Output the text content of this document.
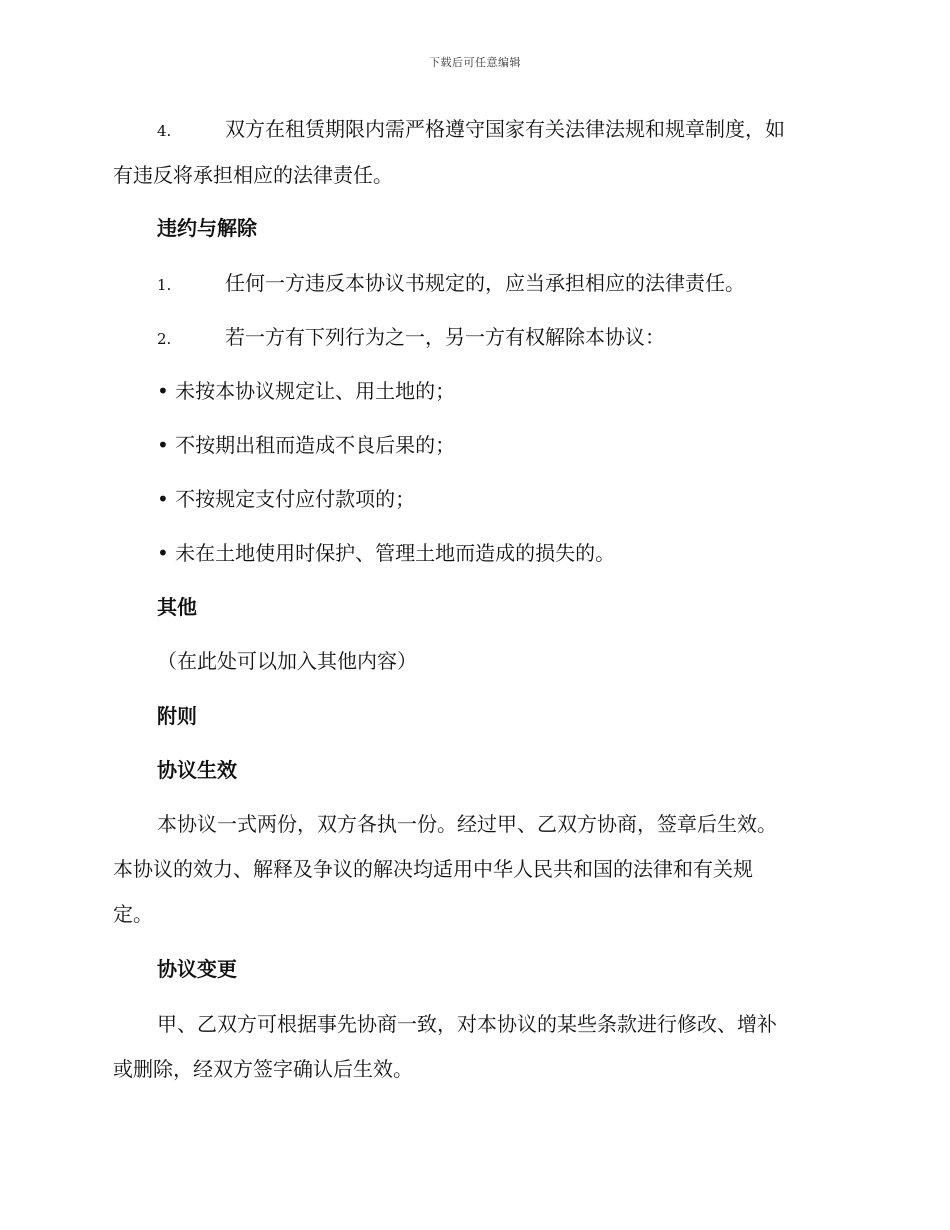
下载后可任意编辑
4.	双方在租赁期限内需严格遵守国家有关法律法规和规章制度，如
有违反将承担相应的法律责任。
违约与解除
1.	任何一方违反本协议书规定的，应当承担相应的法律责任。
2.	若一方有下列行为之一，另一方有权解除本协议：
• 未按本协议规定让、用土地的；
• 不按期出租而造成不良后果的；
• 不按规定支付应付款项的；
• 未在土地使用时保护、管理土地而造成的损失的。
其他
（在此处可以加入其他内容）
附则
协议生效
本协议一式两份，双方各执一份。经过甲、乙双方协商，签章后生效。
本协议的效力、解释及争议的解决均适用中华人民共和国的法律和有关规
定。
协议变更
甲、乙双方可根据事先协商一致，对本协议的某些条款进行修改、增补
或删除，经双方签字确认后生效。
